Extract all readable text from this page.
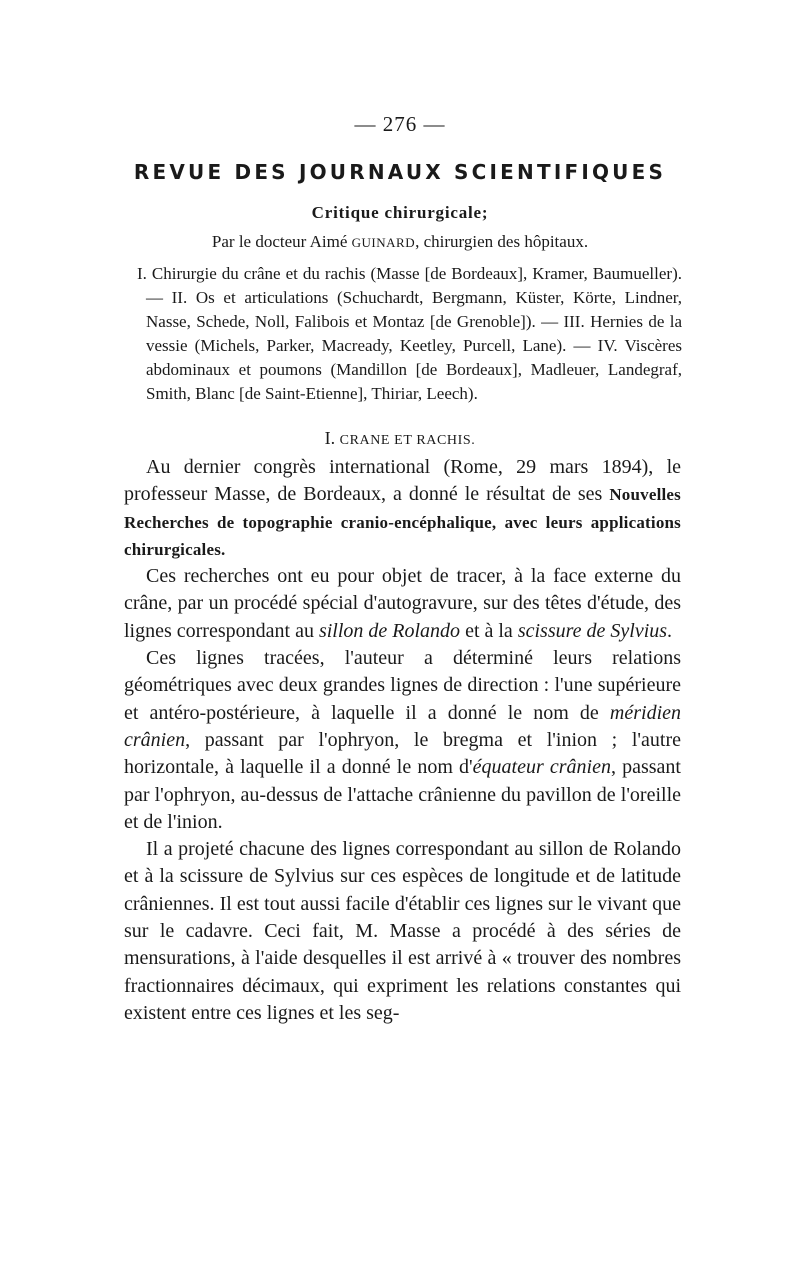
— 276 —
REVUE DES JOURNAUX SCIENTIFIQUES
Critique chirurgicale;
Par le docteur Aimé GUINARD, chirurgien des hôpitaux.

I. Chirurgie du crâne et du rachis (Masse [de Bordeaux], Kramer, Baumueller). — II. Os et articulations (Schuchardt, Bergmann, Küster, Körte, Lindner, Nasse, Schede, Noll, Falibois et Montaz [de Grenoble]). — III. Hernies de la vessie (Michels, Parker, Macready, Keetley, Purcell, Lane). — IV. Viscères abdominaux et poumons (Mandillon [de Bordeaux], Madleuer, Landegraf, Smith, Blanc [de Saint-Etienne], Thiriar, Leech).

I. CRANE ET RACHIS.

Au dernier congrès international (Rome, 29 mars 1894), le professeur Masse, de Bordeaux, a donné le résultat de ses Nouvelles Recherches de topographie cranio-encéphalique, avec leurs applications chirurgicales.

Ces recherches ont eu pour objet de tracer, à la face externe du crâne, par un procédé spécial d'autogravure, sur des têtes d'étude, des lignes correspondant au sillon de Rolando et à la scissure de Sylvius.

Ces lignes tracées, l'auteur a déterminé leurs relations géométriques avec deux grandes lignes de direction : l'une supérieure et antéro-postérieure, à laquelle il a donné le nom de méridien crânien, passant par l'ophryon, le bregma et l'inion ; l'autre horizontale, à laquelle il a donné le nom d'équateur crânien, passant par l'ophryon, au-dessus de l'attache crânienne du pavillon de l'oreille et de l'inion.

Il a projeté chacune des lignes correspondant au sillon de Rolando et à la scissure de Sylvius sur ces espèces de longitude et de latitude crâniennes. Il est tout aussi facile d'établir ces lignes sur le vivant que sur le cadavre. Ceci fait, M. Masse a procédé à des séries de mensurations, à l'aide desquelles il est arrivé à « trouver des nombres fractionnaires décimaux, qui expriment les relations constantes qui existent entre ces lignes et les seg-
